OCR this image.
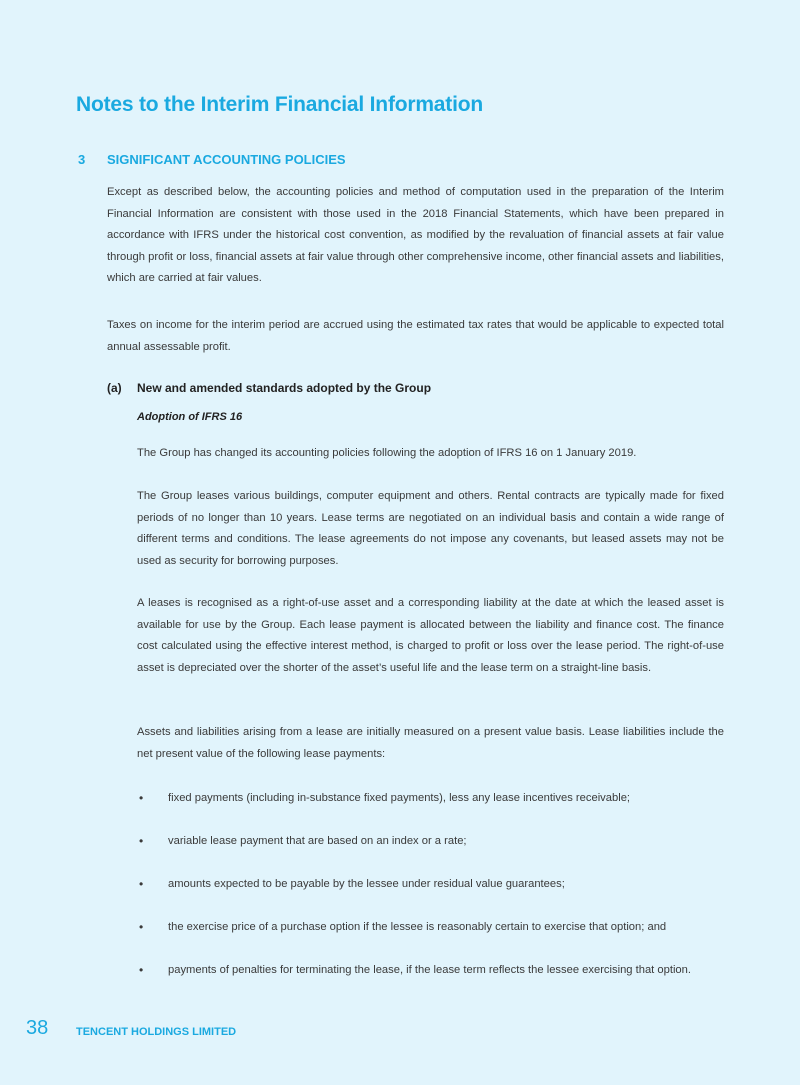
Notes to the Interim Financial Information
3 SIGNIFICANT ACCOUNTING POLICIES

Except as described below, the accounting policies and method of computation used in the preparation of the Interim Financial Information are consistent with those used in the 2018 Financial Statements, which have been prepared in accordance with IFRS under the historical cost convention, as modified by the revaluation of financial assets at fair value through profit or loss, financial assets at fair value through other comprehensive income, other financial assets and liabilities, which are carried at fair values.

Taxes on income for the interim period are accrued using the estimated tax rates that would be applicable to expected total annual assessable profit.

(a) New and amended standards adopted by the Group
Adoption of IFRS 16

The Group has changed its accounting policies following the adoption of IFRS 16 on 1 January 2019.

The Group leases various buildings, computer equipment and others. Rental contracts are typically made for fixed periods of no longer than 10 years. Lease terms are negotiated on an individual basis and contain a wide range of different terms and conditions. The lease agreements do not impose any covenants, but leased assets may not be used as security for borrowing purposes.

A leases is recognised as a right-of-use asset and a corresponding liability at the date at which the leased asset is available for use by the Group. Each lease payment is allocated between the liability and finance cost. The finance cost calculated using the effective interest method, is charged to profit or loss over the lease period. The right-of-use asset is depreciated over the shorter of the asset’s useful life and the lease term on a straight-line basis.

Assets and liabilities arising from a lease are initially measured on a present value basis. Lease liabilities include the net present value of the following lease payments:

• fixed payments (including in-substance fixed payments), less any lease incentives receivable;
• variable lease payment that are based on an index or a rate;
• amounts expected to be payable by the lessee under residual value guarantees;
• the exercise price of a purchase option if the lessee is reasonably certain to exercise that option; and
• payments of penalties for terminating the lease, if the lease term reflects the lessee exercising that option.
38	TENCENT HOLDINGS LIMITED
